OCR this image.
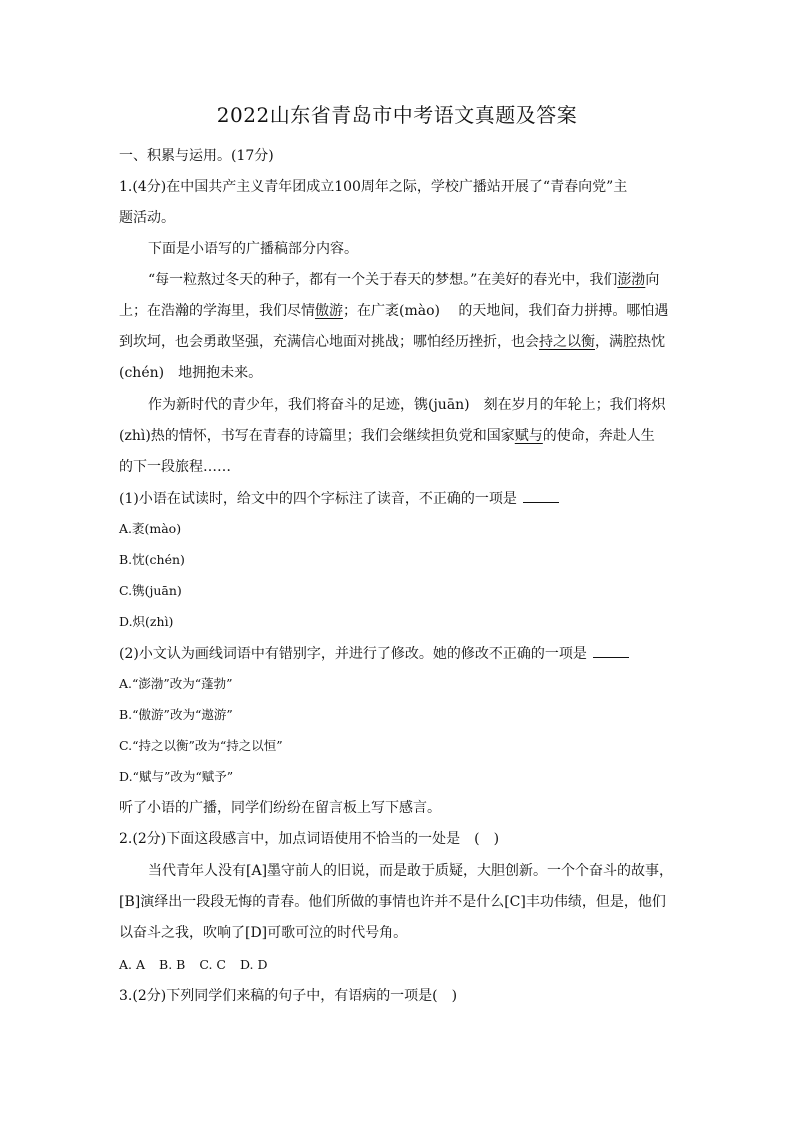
2022山东省青岛市中考语文真题及答案
一、积累与运用。(17分)
1.(4分)在中国共产主义青年团成立100周年之际，学校广播站开展了“青春向党”主
题活动。
下面是小语写的广播稿部分内容。
“每一粒熬过冬天的种子，都有一个关于春天的梦想。”在美好的春光中，我们澎渤向
上；在浩瀚的学海里，我们尽情傲游；在广袤(mào)　 的天地间，我们奋力拼搏。哪怕遇
到坎坷，也会勇敢坚强，充满信心地面对挑战；哪怕经历挫折，也会持之以衡，满腔热忱
(chén)　地拥抱未来。
作为新时代的青少年，我们将奋斗的足迹，镌(juān)　刻在岁月的年轮上；我们将炽
(zhì)热的情怀，书写在青春的诗篇里；我们会继续担负党和国家赋与的使命，奔赴人生
的下一段旅程……
(1)小语在试读时，给文中的四个字标注了读音，不正确的一项是
A.袤(mào)
B.忱(chén)
C.镌(juān)
D.炽(zhì)
(2)小文认为画线词语中有错别字，并进行了修改。她的修改不正确的一项是
A.“澎渤”改为“蓬勃”
B.“傲游”改为“遨游”
C.“持之以衡”改为“持之以恒”
D.“赋与”改为“赋予”
听了小语的广播，同学们纷纷在留言板上写下感言。
2.(2分)下面这段感言中，加点词语使用不恰当的一处是　(　)
当代青年人没有[A]墨守前人的旧说，而是敢于质疑，大胆创新。一个个奋斗的故事，
[B]演绎出一段段无悔的青春。他们所做的事情也许并不是什么[C]丰功伟绩，但是，他们
以奋斗之我，吹响了[D]可歌可泣的时代号角。
A. A B. B C. C D. D
3.(2分)下列同学们来稿的句子中，有语病的一项是(　)
